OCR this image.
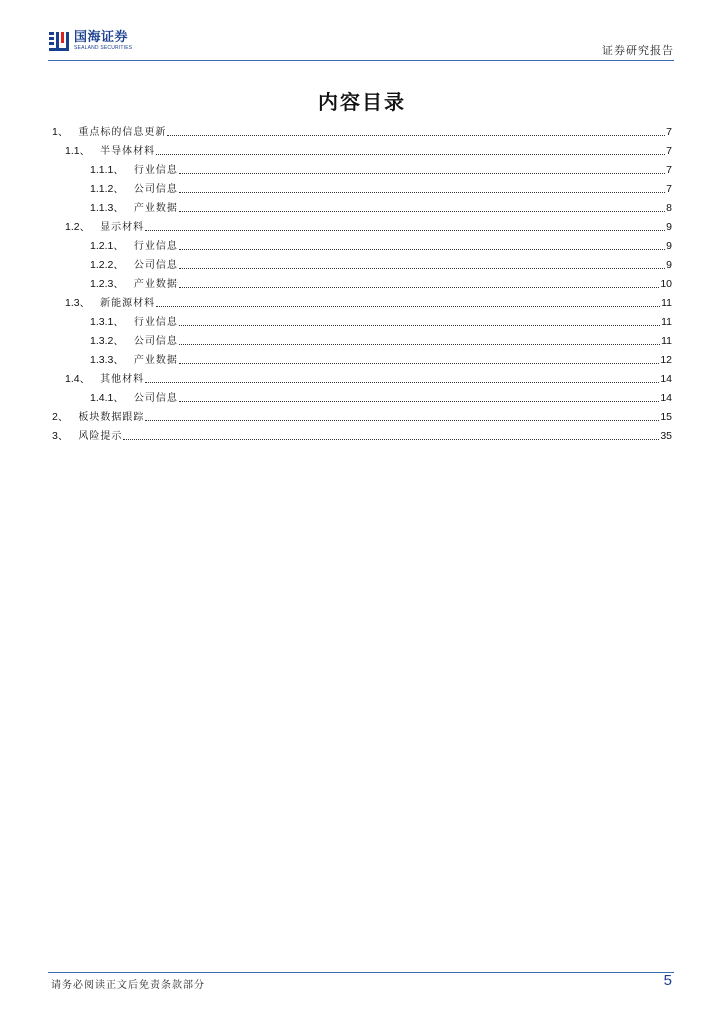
国海证券
SEALAND SECURITIES	证券研究报告
内容目录
1、 重点标的信息更新	7
1.1、 半导体材料	7
1.1.1、 行业信息	7
1.1.2、 公司信息	7
1.1.3、 产业数据	8
1.2、 显示材料	9
1.2.1、 行业信息	9
1.2.2、 公司信息	9
1.2.3、 产业数据	10
1.3、 新能源材料	11
1.3.1、 行业信息	11
1.3.2、 公司信息	11
1.3.3、 产业数据	12
1.4、 其他材料	14
1.4.1、 公司信息	14
2、 板块数据跟踪	15
3、 风险提示	35
请务必阅读正文后免责条款部分	5
